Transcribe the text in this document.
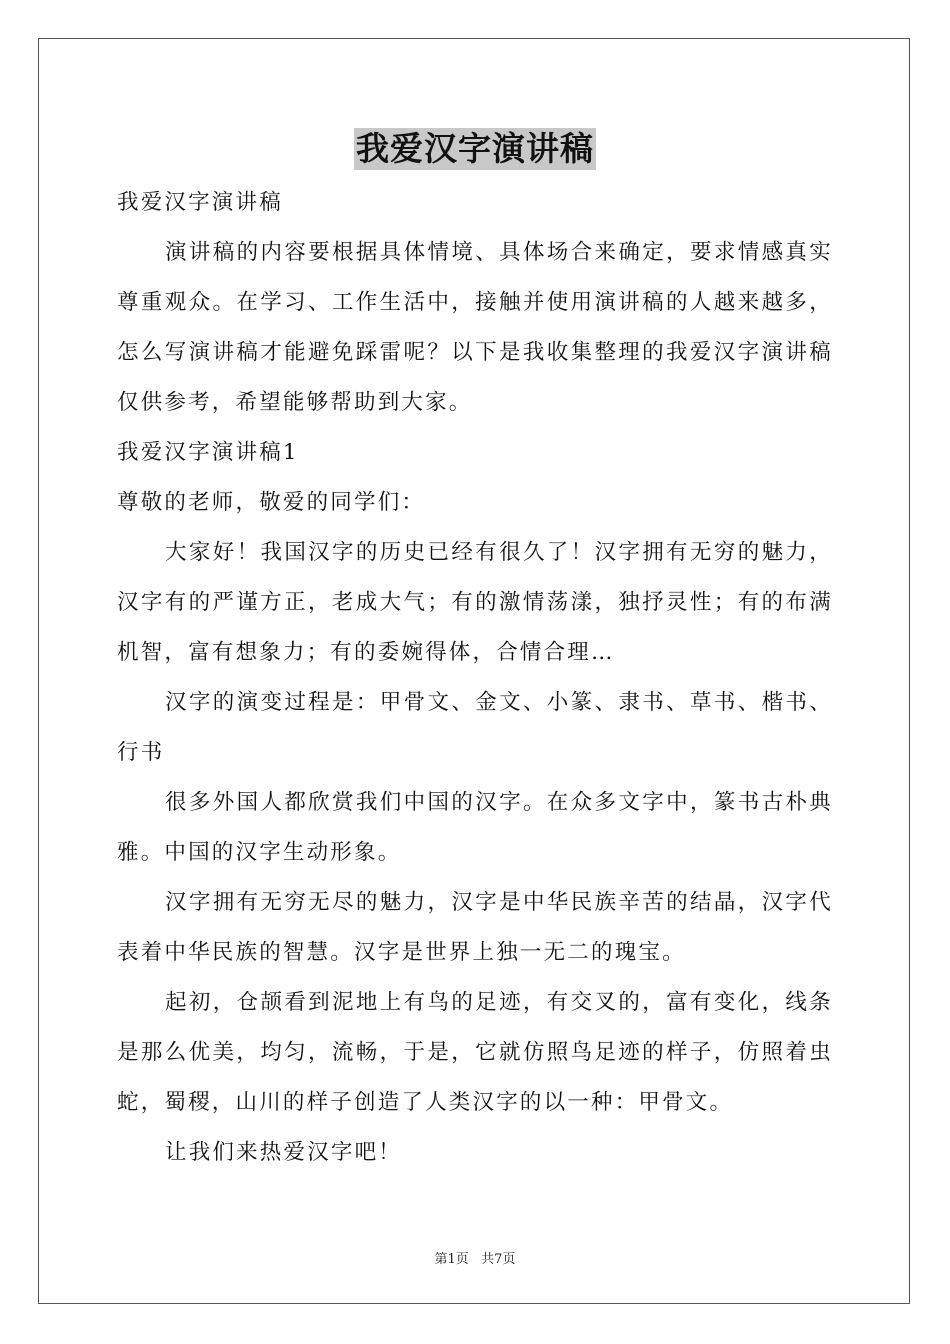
我爱汉字演讲稿

我爱汉字演讲稿

演讲稿的内容要根据具体情境、具体场合来确定，要求情感真实尊重观众。在学习、工作生活中，接触并使用演讲稿的人越来越多，怎么写演讲稿才能避免踩雷呢？以下是我收集整理的我爱汉字演讲稿仅供参考，希望能够帮助到大家。

我爱汉字演讲稿1

尊敬的老师，敬爱的同学们：

大家好！我国汉字的历史已经有很久了！汉字拥有无穷的魅力，汉字有的严谨方正，老成大气；有的激情荡漾，独抒灵性；有的布满机智，富有想象力；有的委婉得体，合情合理…

汉字的演变过程是：甲骨文、金文、小篆、隶书、草书、楷书、行书

很多外国人都欣赏我们中国的汉字。在众多文字中，篆书古朴典雅。中国的汉字生动形象。

汉字拥有无穷无尽的魅力，汉字是中华民族辛苦的结晶，汉字代表着中华民族的智慧。汉字是世界上独一无二的瑰宝。

起初，仓颉看到泥地上有鸟的足迹，有交叉的，富有变化，线条是那么优美，均匀，流畅，于是，它就仿照鸟足迹的样子，仿照着虫蛇，蜀稷，山川的样子创造了人类汉字的以一种：甲骨文。

让我们来热爱汉字吧！

第1页   共7页
